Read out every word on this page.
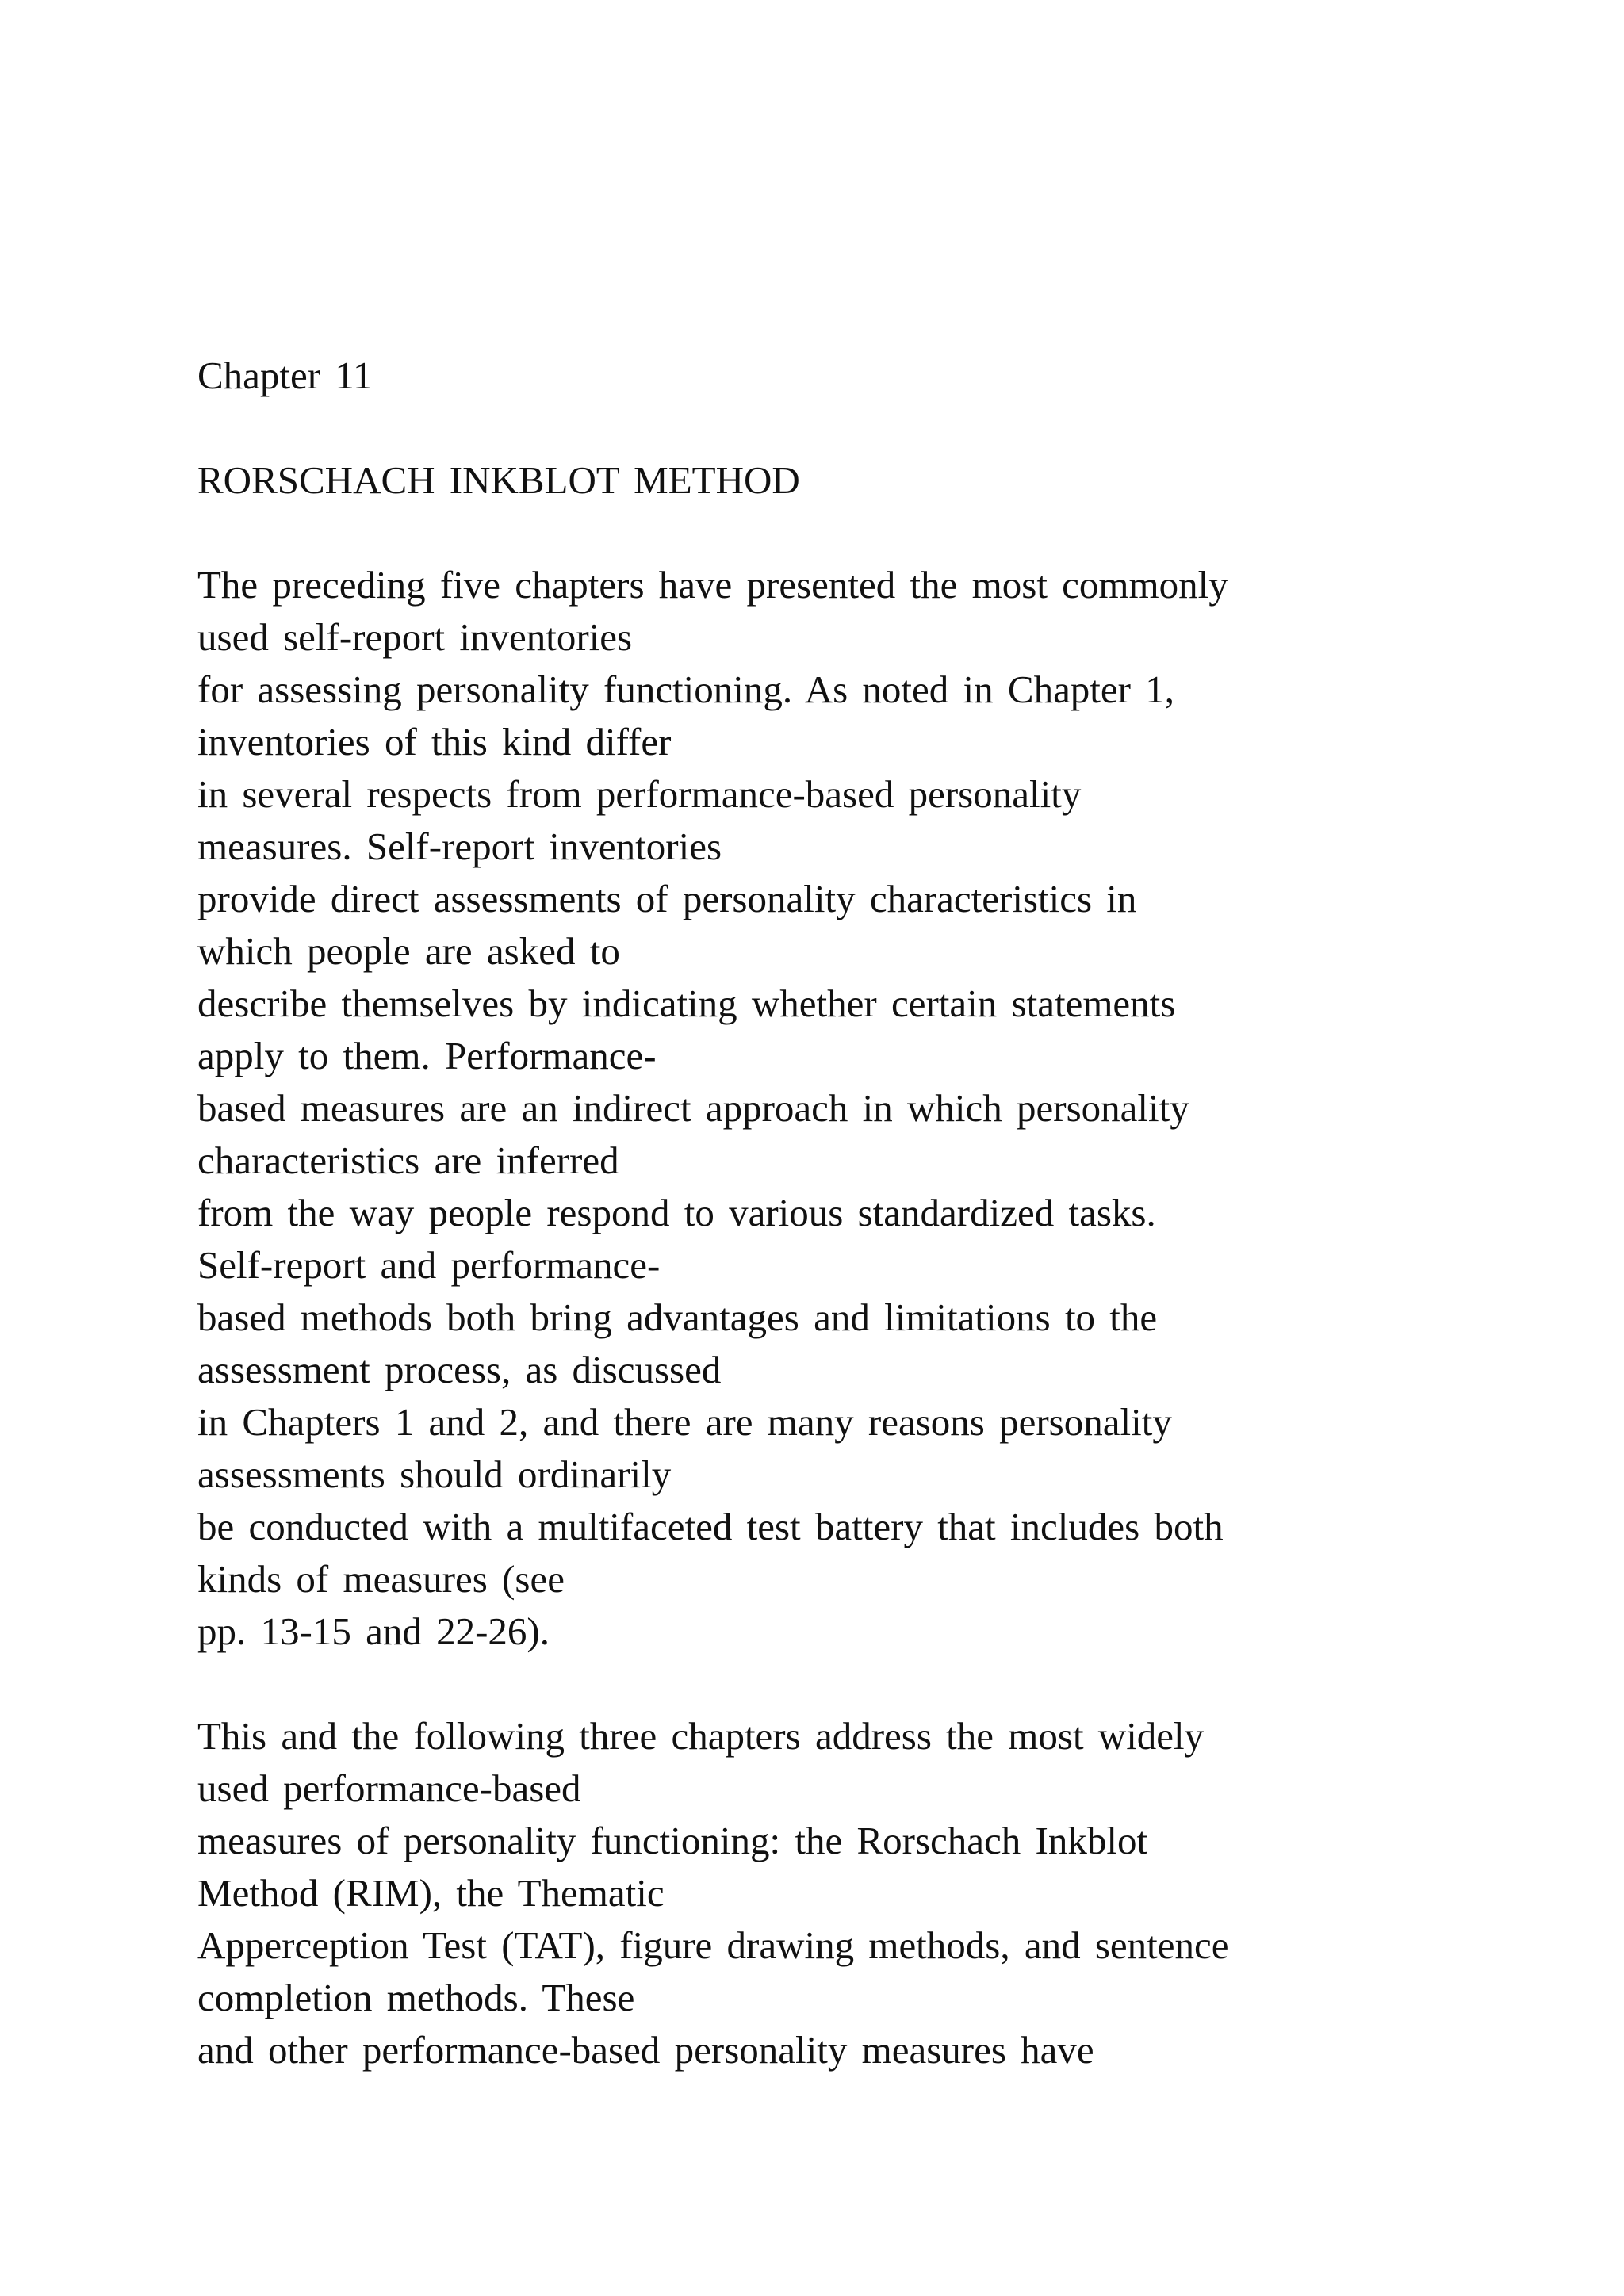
Chapter 11
RORSCHACH INKBLOT METHOD
The preceding five chapters have presented the most commonly
used self-report inventories
for assessing personality functioning. As noted in Chapter 1,
inventories of this kind differ
in several respects from performance-based personality
measures. Self-report inventories
provide direct assessments of personality characteristics in
which people are asked to
describe themselves by indicating whether certain statements
apply to them. Performance-
based measures are an indirect approach in which personality
characteristics are inferred
from the way people respond to various standardized tasks.
Self-report and performance-
based methods both bring advantages and limitations to the
assessment process, as discussed
in Chapters 1 and 2, and there are many reasons personality
assessments should ordinarily
be conducted with a multifaceted test battery that includes both
kinds of measures (see
pp. 13-15 and 22-26).
This and the following three chapters address the most widely
used performance-based
measures of personality functioning: the Rorschach Inkblot
Method (RIM), the Thematic
Apperception Test (TAT), figure drawing methods, and sentence
completion methods. These
and other performance-based personality measures have
